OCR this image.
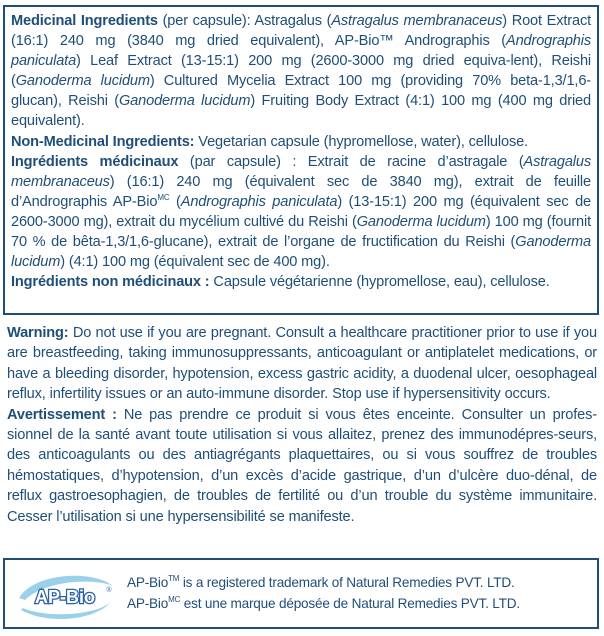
Medicinal Ingredients (per capsule): Astragalus (Astragalus membranaceus) Root Extract (16:1) 240 mg (3840 mg dried equivalent), AP-Bio™ Andrographis (Andrographis paniculata) Leaf Extract (13-15:1) 200 mg (2600-3000 mg dried equiva-lent), Reishi (Ganoderma lucidum) Cultured Mycelia Extract 100 mg (providing 70% beta-1,3/1,6-glucan), Reishi (Ganoderma lucidum) Fruiting Body Extract (4:1) 100 mg (400 mg dried equivalent).

Non-Medicinal Ingredients: Vegetarian capsule (hypromellose, water), cellulose.

Ingrédients médicinaux (par capsule) : Extrait de racine d’astragale (Astragalus membranaceus) (16:1) 240 mg (équivalent sec de 3840 mg), extrait de feuille d’Andrographis AP-Bio$^{MC}$ (Andrographis paniculata) (13-15:1) 200 mg (équivalent sec de 2600-3000 mg), extrait du mycélium cultivé du Reishi (Ganoderma lucidum) 100 mg (fournit 70 % de bêta-1,3/1,6-glucane), extrait de l’organe de fructification du Reishi (Ganoderma lucidum) (4:1) 100 mg (équivalent sec de 400 mg).

Ingrédients non médicinaux : Capsule végétarienne (hypromellose, eau), cellulose.

Warning: Do not use if you are pregnant. Consult a healthcare practitioner prior to use if you are breastfeeding, taking immunosuppressants, anticoagulant or antiplatelet medications, or have a bleeding disorder, hypotension, excess gastric acidity, a duodenal ulcer, oesophageal reflux, infertility issues or an auto-immune disorder. Stop use if hypersensitivity occurs.

Avertissement : Ne pas prendre ce produit si vous êtes enceinte. Consulter un profes-sionnel de la santé avant toute utilisation si vous allaitez, prenez des immunodépres-seurs, des anticoagulants ou des antiagrégants plaquettaires, ou si vous souffrez de troubles hémostatiques, d’hypotension, d’un excès d’acide gastrique, d’un d’ulcère duo-dénal, de reflux gastroesophagien, de troubles de fertilité ou d’un trouble du système immunitaire. Cesser l’utilisation si une hypersensibilité se manifeste.

AP-Bio ®
AP-Bio™ is a registered trademark of Natural Remedies PVT. LTD.
AP-Bio$^{MC}$ est une marque déposée de Natural Remedies PVT. LTD.
